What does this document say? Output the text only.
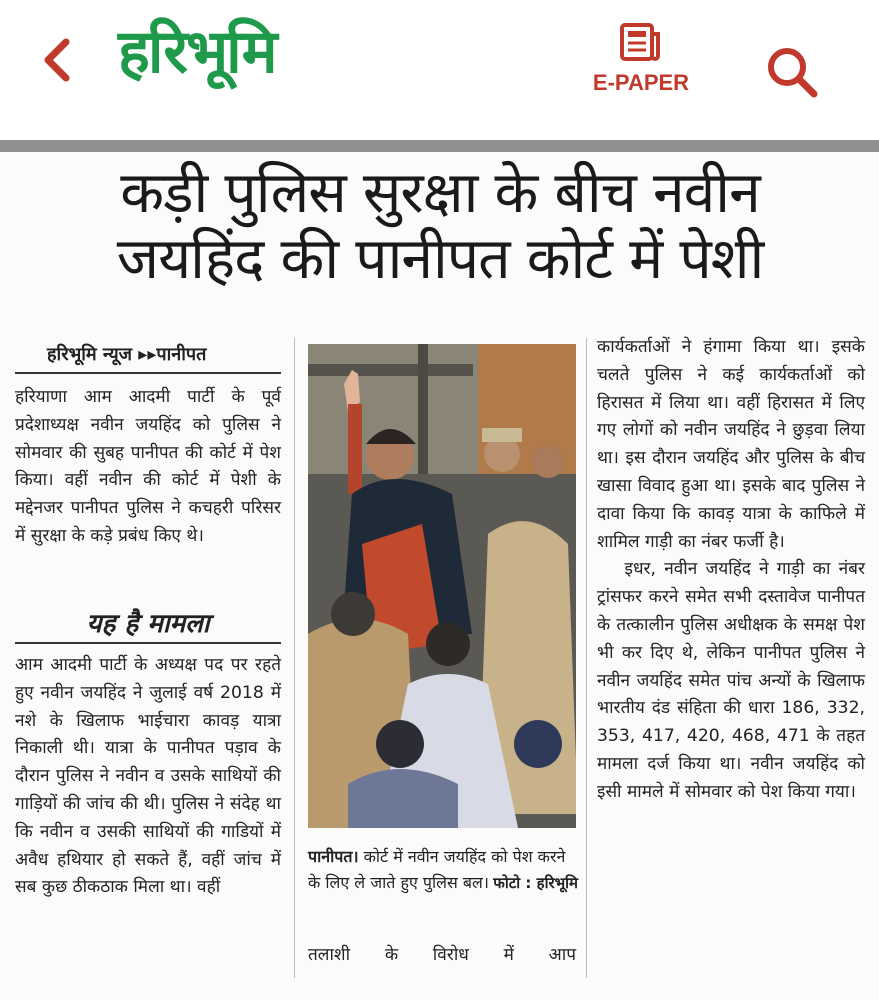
हरिभूमि	E-PAPER
कड़ी पुलिस सुरक्षा के बीच नवीन
जयहिंद की पानीपत कोर्ट में पेशी
हरिभूमि न्यूज ▸▸पानीपत

हरियाणा आम आदमी पार्टी के पूर्व प्रदेशाध्यक्ष नवीन जयहिंद को पुलिस ने सोमवार की सुबह पानीपत की कोर्ट में पेश किया। वहीं नवीन की कोर्ट में पेशी के मद्देनजर पानीपत पुलिस ने कचहरी परिसर में सुरक्षा के कड़े प्रबंध किए थे।

यह है मामला

आम आदमी पार्टी के अध्यक्ष पद पर रहते हुए नवीन जयहिंद ने जुलाई वर्ष 2018 में नशे के खिलाफ भाईचारा कावड़ यात्रा निकाली थी। यात्रा के पानीपत पड़ाव के दौरान पुलिस ने नवीन व उसके साथियों की गाड़ियों की जांच की थी। पुलिस ने संदेह था कि नवीन व उसकी साथियों की गाडियों में अवैध हथियार हो सकते हैं, वहीं जांच में सब कुछ ठीकठाक मिला था। वहीं

पानीपत। कोर्ट में नवीन जयहिंद को पेश करने के लिए ले जाते हुए पुलिस बल। फोटो : हरिभूमि
तलाशी के विरोध में आप

कार्यकर्ताओं ने हंगामा किया था। इसके चलते पुलिस ने कई कार्यकर्ताओं को हिरासत में लिया था। वहीं हिरासत में लिए गए लोगों को नवीन जयहिंद ने छुड़वा लिया था। इस दौरान जयहिंद और पुलिस के बीच खासा विवाद हुआ था। इसके बाद पुलिस ने दावा किया कि कावड़ यात्रा के काफिले में शामिल गाड़ी का नंबर फर्जी है।

इधर, नवीन जयहिंद ने गाड़ी का नंबर ट्रांसफर करने समेत सभी दस्तावेज पानीपत के तत्कालीन पुलिस अधीक्षक के समक्ष पेश भी कर दिए थे, लेकिन पानीपत पुलिस ने नवीन जयहिंद समेत पांच अन्यों के खिलाफ भारतीय दंड संहिता की धारा 186, 332, 353, 417, 420, 468, 471 के तहत मामला दर्ज किया था। नवीन जयहिंद को इसी मामले में सोमवार को पेश किया गया।
